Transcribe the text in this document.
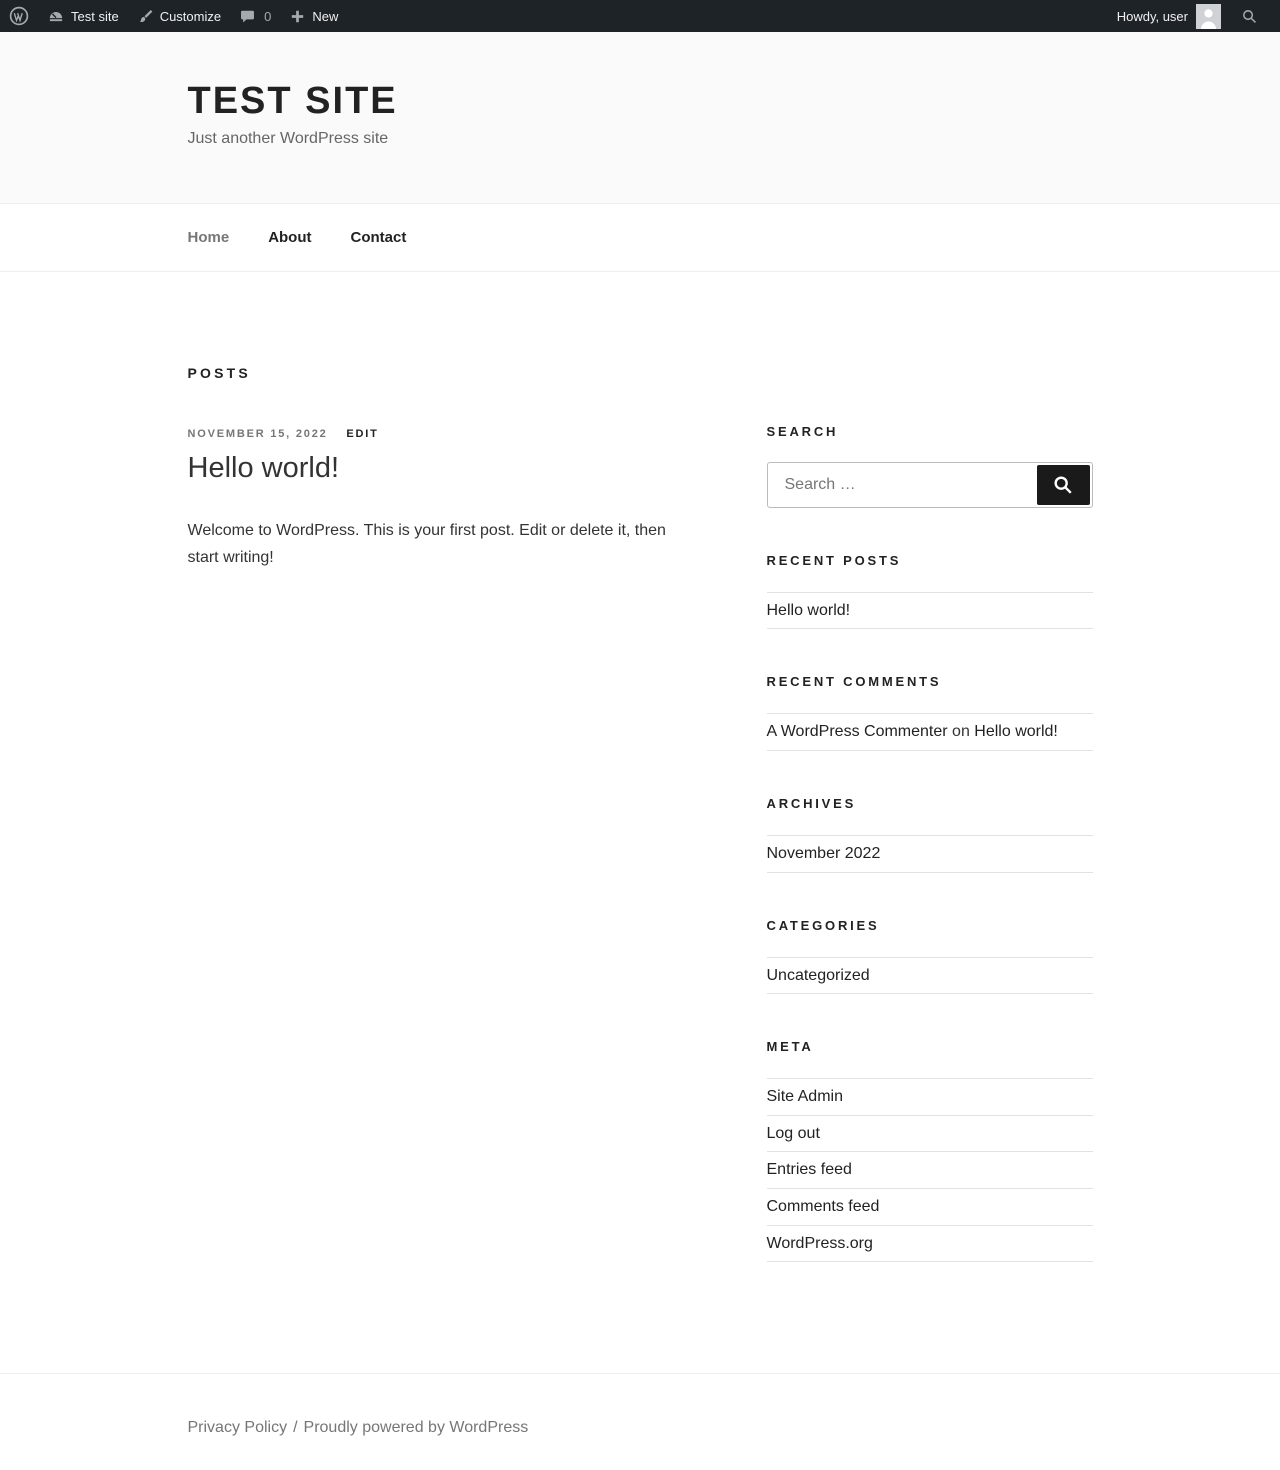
Test site	Customize	0	New	Howdy, user
TEST SITE
Just another WordPress site
Home	About	Contact
POSTS
NOVEMBER 15, 2022 EDIT
Hello world!

Welcome to WordPress. This is your first post. Edit or delete it, then start writing!

SEARCH
Search …
RECENT POSTS
Hello world!
RECENT COMMENTS
A WordPress Commenter on Hello world!
ARCHIVES
November 2022
CATEGORIES
Uncategorized
META
Site Admin
Log out
Entries feed
Comments feed
WordPress.org
Privacy Policy / Proudly powered by WordPress
